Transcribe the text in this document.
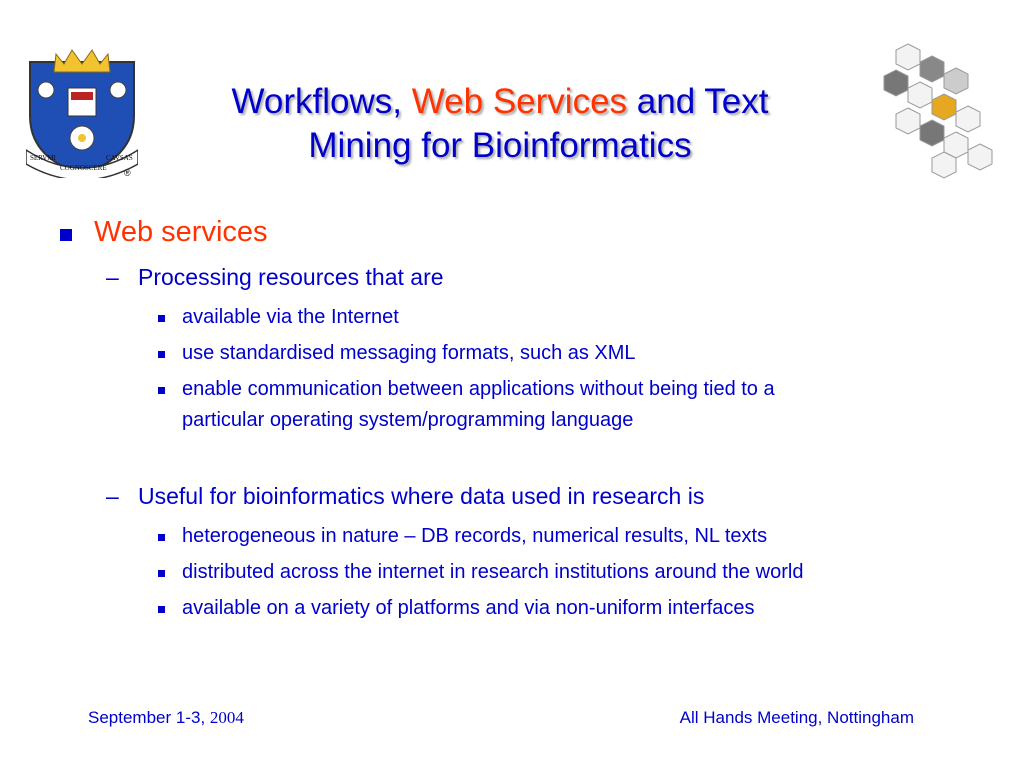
SERVMI
COGNOSCERE
CAVSAS
®
Workflows, Web Services and Text
Mining for Bioinformatics
Web services
– Processing resources that are
available via the Internet
use standardised messaging formats, such as XML
enable communication between applications without being tied to a
particular operating system/programming language
– Useful for bioinformatics where data used in research is
heterogeneous in nature – DB records, numerical results, NL texts
distributed across the internet in research institutions around the world
available on a variety of platforms and via non-uniform interfaces
September 1-3, 2004	All Hands Meeting, Nottingham
